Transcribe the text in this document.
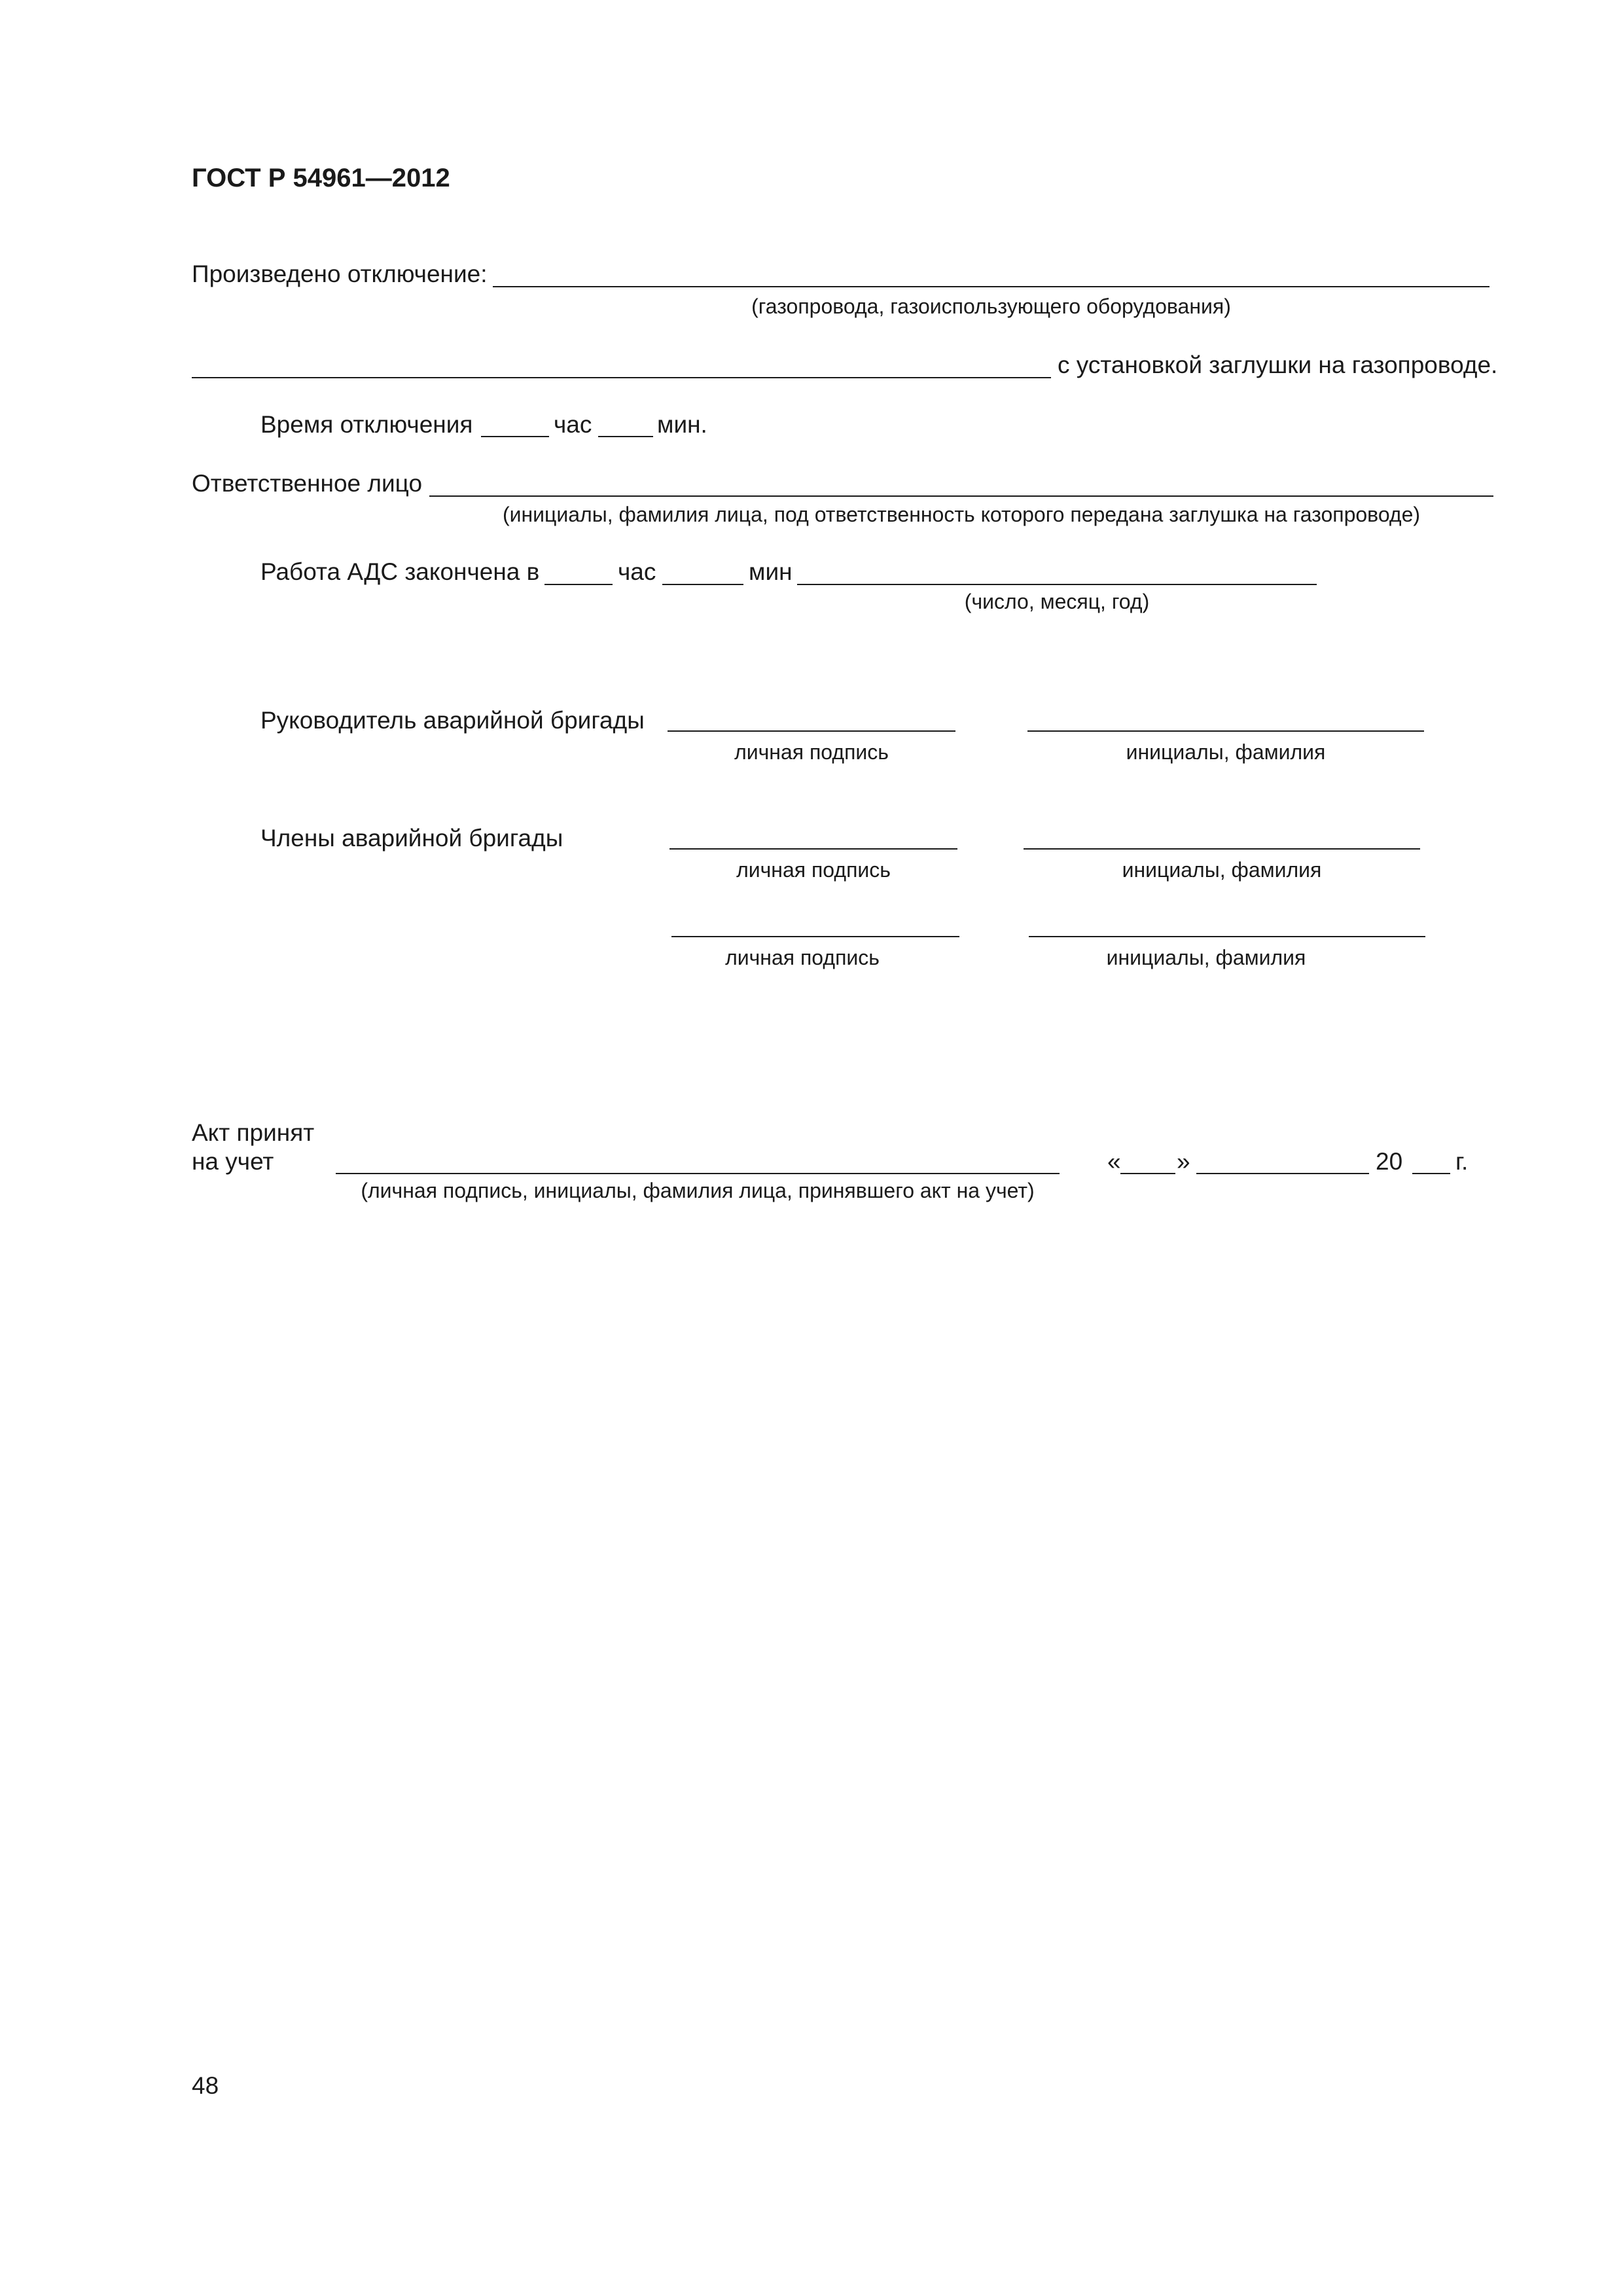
ГОСТ Р 54961—2012
Произведено отключение:
(газопровода, газоиспользующего оборудования)
с установкой заглушки на газопроводе.
Время отключения	час	мин.
Ответственное лицо
(инициалы, фамилия лица, под ответственность которого передана заглушка на газопроводе)
Работа АДС закончена в	час	мин
(число, месяц, год)
Руководитель аварийной бригады
личная подпись	инициалы, фамилия
Члены аварийной бригады
личная подпись	инициалы, фамилия
личная подпись	инициалы, фамилия
Акт принят
на учет
(личная подпись, инициалы, фамилия лица, принявшего акт на учет)
« »	20 г.
48
